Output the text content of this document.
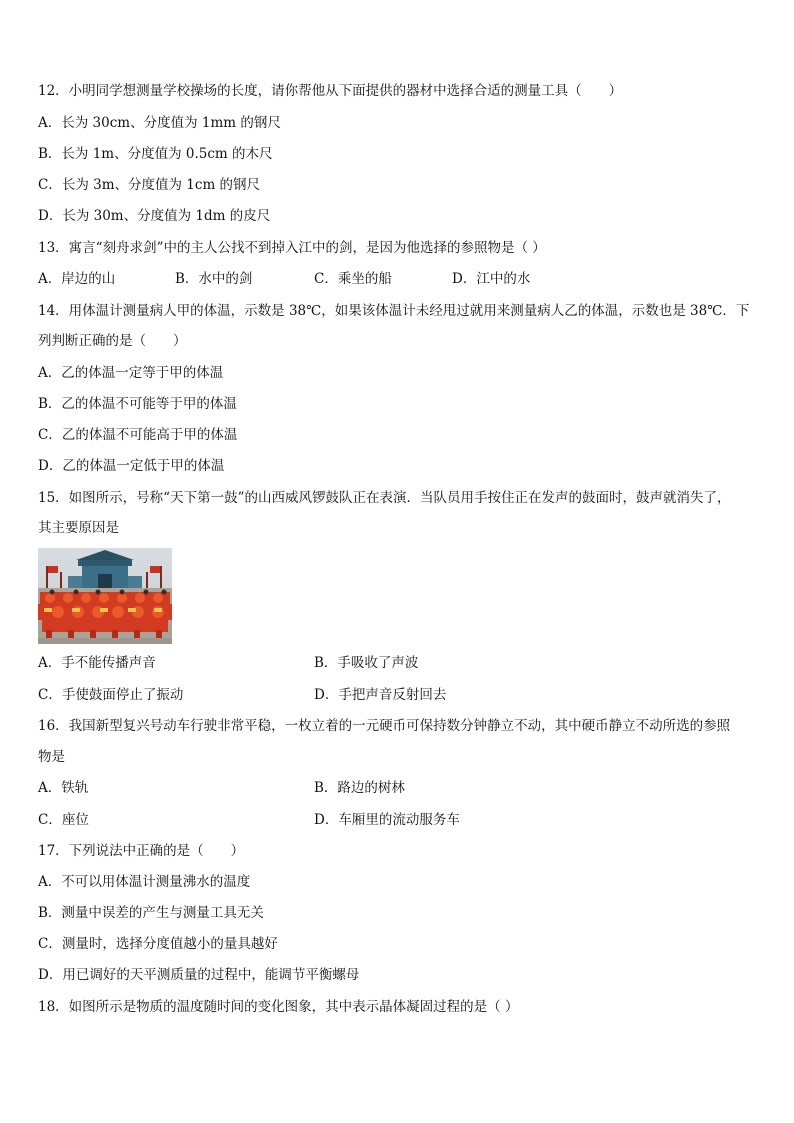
12．小明同学想测量学校操场的长度，请你帮他从下面提供的器材中选择合适的测量工具（　　）
A．长为 30cm、分度值为 1mm 的钢尺
B．长为 1m、分度值为 0.5cm 的木尺
C．长为 3m、分度值为 1cm 的钢尺
D．长为 30m、分度值为 1dm 的皮尺
13．寓言“刻舟求剑”中的主人公找不到掉入江中的剑，是因为他选择的参照物是（ ）
A．岸边的山	B．水中的剑	C．乘坐的船	D．江中的水
14．用体温计测量病人甲的体温，示数是 38℃，如果该体温计未经甩过就用来测量病人乙的体温，示数也是 38℃．下
列判断正确的是（　　）
A．乙的体温一定等于甲的体温
B．乙的体温不可能等于甲的体温
C．乙的体温不可能高于甲的体温
D．乙的体温一定低于甲的体温
15．如图所示，号称“天下第一鼓”的山西威风锣鼓队正在表演．当队员用手按住正在发声的鼓面时，鼓声就消失了，
其主要原因是
A．手不能传播声音	B．手吸收了声波
C．手使鼓面停止了振动	D．手把声音反射回去
16．我国新型复兴号动车行驶非常平稳，一枚立着的一元硬币可保持数分钟静立不动，其中硬币静立不动所选的参照
物是
A．铁轨	B．路边的树林
C．座位	D．车厢里的流动服务车
17．下列说法中正确的是（　　）
A．不可以用体温计测量沸水的温度
B．测量中误差的产生与测量工具无关
C．测量时，选择分度值越小的量具越好
D．用已调好的天平测质量的过程中，能调节平衡螺母
18．如图所示是物质的温度随时间的变化图象，其中表示晶体凝固过程的是（ ）
